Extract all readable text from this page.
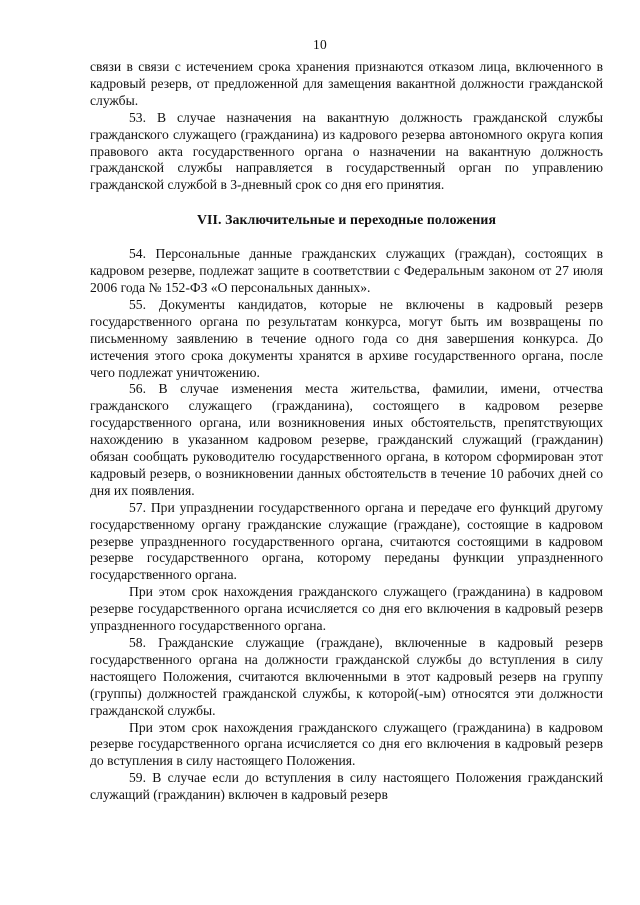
10

связи в связи с истечением срока хранения признаются отказом лица, включенного в кадровый резерв, от предложенной для замещения вакантной должности гражданской службы.

53. В случае назначения на вакантную должность гражданской службы гражданского служащего (гражданина) из кадрового резерва автономного округа копия правового акта государственного органа о назначении на вакантную должность гражданской службы направляется в государственный орган по управлению гражданской службой в 3-дневный срок со дня его принятия.

VII. Заключительные и переходные положения

54. Персональные данные гражданских служащих (граждан), состоящих в кадровом резерве, подлежат защите в соответствии с Федеральным законом от 27 июля 2006 года № 152-ФЗ «О персональных данных».

55. Документы кандидатов, которые не включены в кадровый резерв государственного органа по результатам конкурса, могут быть им возвращены по письменному заявлению в течение одного года со дня завершения конкурса. До истечения этого срока документы хранятся в архиве государственного органа, после чего подлежат уничтожению.

56. В случае изменения места жительства, фамилии, имени, отчества гражданского служащего (гражданина), состоящего в кадровом резерве государственного органа, или возникновения иных обстоятельств, препятствующих нахождению в указанном кадровом резерве, гражданский служащий (гражданин) обязан сообщать руководителю государственного органа, в котором сформирован этот кадровый резерв, о возникновении данных обстоятельств в течение 10 рабочих дней со дня их появления.

57. При упразднении государственного органа и передаче его функций другому государственному органу гражданские служащие (граждане), состоящие в кадровом резерве упраздненного государственного органа, считаются состоящими в кадровом резерве государственного органа, которому переданы функции упраздненного государственного органа.

При этом срок нахождения гражданского служащего (гражданина) в кадровом резерве государственного органа исчисляется со дня его включения в кадровый резерв упраздненного государственного органа.

58. Гражданские служащие (граждане), включенные в кадровый резерв государственного органа на должности гражданской службы до вступления в силу настоящего Положения, считаются включенными в этот кадровый резерв на группу (группы) должностей гражданской службы, к которой(-ым) относятся эти должности гражданской службы.

При этом срок нахождения гражданского служащего (гражданина) в кадровом резерве государственного органа исчисляется со дня его включения в кадровый резерв до вступления в силу настоящего Положения.

59. В случае если до вступления в силу настоящего Положения гражданский служащий (гражданин) включен в кадровый резерв
